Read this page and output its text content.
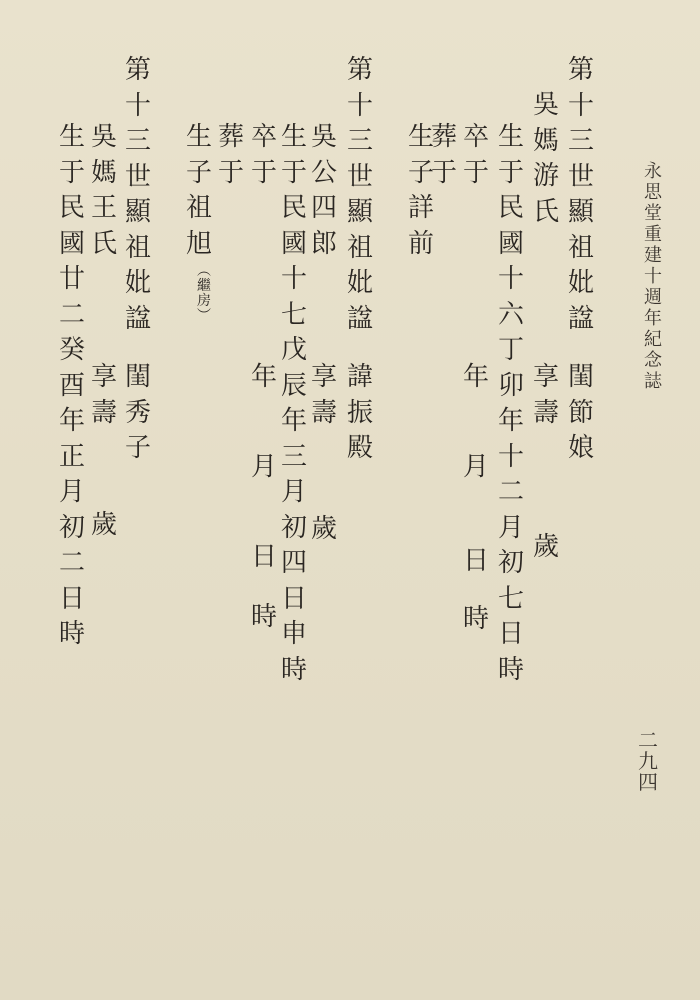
永
思
堂
重
建
十
週
年
紀
念
誌
二
九
四
第
十
三
世
顯
祖
妣
諡
閨
節
娘
吳
媽
游
氏
享
壽
歲
生
于
民
國
十
六
丁
卯
年
十
二
月
初
七
日
時
卒
于
年
月
日
時
葬
于
生
子
詳
前
第
十
三
世
顯
祖
妣
諡
諱
振
殿
吳
公
四
郎
享
壽
歲
生
于
民
國
十
七
戊
辰
年
三
月
初
四
日
申
時
卒
于
年
月
日
時
葬
于
生
子
祖
旭
︵
繼
房
︶
第
十
三
世
顯
祖
妣
諡
閨
秀
子
吳
媽
王
氏
享
壽
歲
生
于
民
國
廿
二
癸
酉
年
正
月
初
二
日
時
